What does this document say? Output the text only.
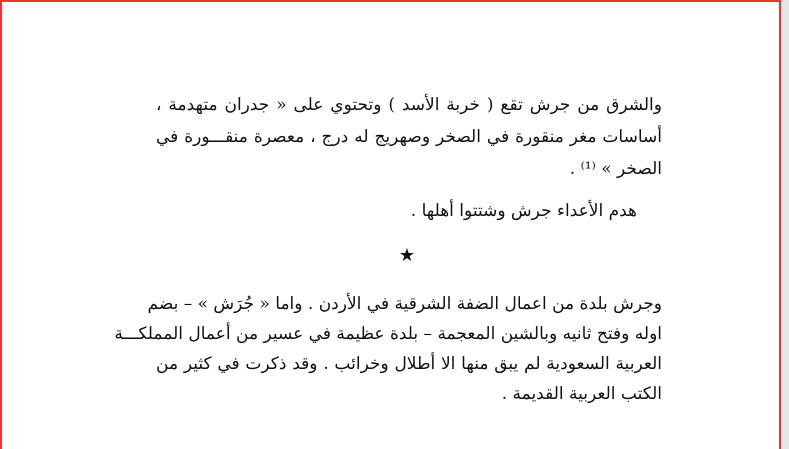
والشرق من جرش تقع ( خربة الأسد ) وتحتوي على « جدران متهدمة ،
أساسات مغر منقورة في الصخر وصهريج له درج ، معصرة منقـــورة في
الصخر » ⁽¹⁾ .
هدم الأعداء جرش وشتتوا أهلها .
★
وجرش بلدة من اعمال الضفة الشرقية في الأردن . واما « جُرَش » – بضم
اوله وفتح ثانيه وبالشين المعجمة – بلدة عظيمة في عسير من أعمال المملكـــة
العربية السعودية لم يبق منها الا أطلال وخرائب . وقد ذكرت في كثير من
الكتب العربية القديمة .
